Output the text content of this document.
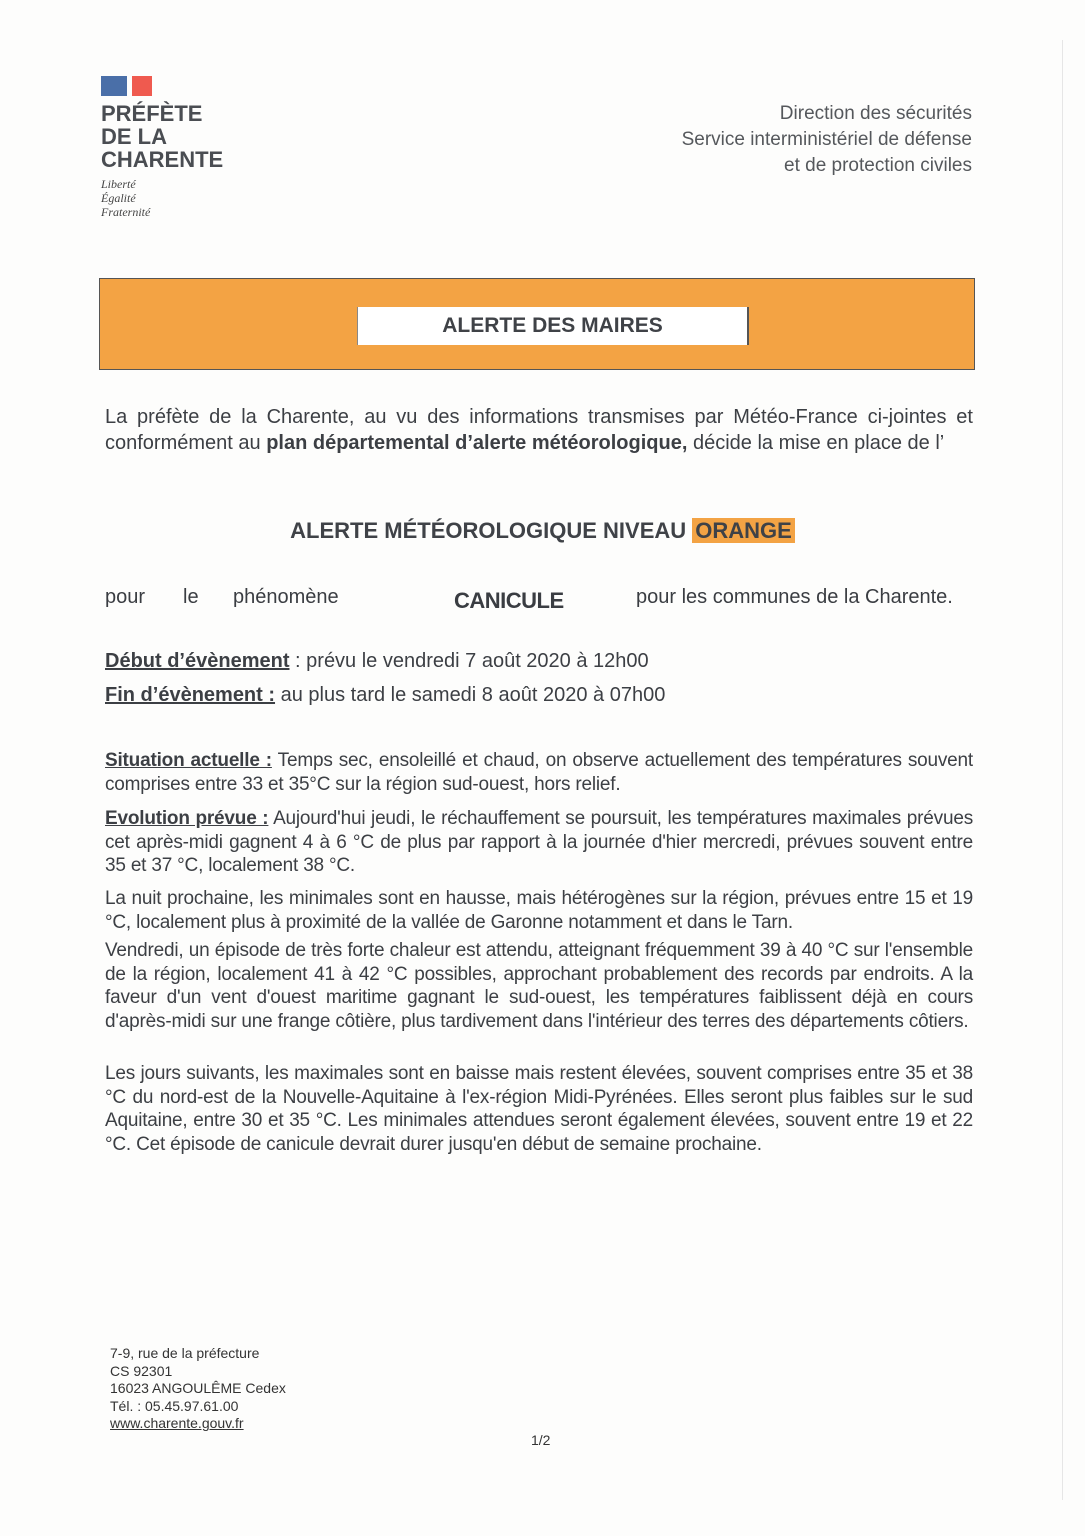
PRÉFÈTE
DE LA
CHARENTE
Liberté
Égalité
Fraternité
Direction des sécurités
Service interministériel de défense
et de protection civiles
ALERTE DES MAIRES
La préfète de la Charente, au vu des informations transmises par Météo-France ci-jointes et conformément au plan départemental d’alerte météorologique, décide la mise en place de l’
ALERTE MÉTÉOROLOGIQUE NIVEAU ORANGE
pour le phénomène	CANICULE	pour les communes de la Charente.
Début d’évènement : prévu le vendredi 7 août 2020 à 12h00
Fin d’évènement : au plus tard le samedi 8 août 2020 à 07h00
Situation actuelle : Temps sec, ensoleillé et chaud, on observe actuellement des températures souvent comprises entre 33 et 35°C sur la région sud-ouest, hors relief.
Evolution prévue : Aujourd'hui jeudi, le réchauffement se poursuit, les températures maximales prévues cet après-midi gagnent 4 à 6 °C de plus par rapport à la journée d'hier mercredi, prévues souvent entre 35 et 37 °C, localement 38 °C.
La nuit prochaine, les minimales sont en hausse, mais hétérogènes sur la région, prévues entre 15 et 19 °C, localement plus à proximité de la vallée de Garonne notamment et dans le Tarn.
Vendredi, un épisode de très forte chaleur est attendu, atteignant fréquemment 39 à 40 °C sur l'ensemble de la région, localement 41 à 42 °C possibles, approchant probablement des records par endroits. A la faveur d'un vent d'ouest maritime gagnant le sud-ouest, les températures faiblissent déjà en cours d'après-midi sur une frange côtière, plus tardivement dans l'intérieur des terres des départements côtiers.
Les jours suivants, les maximales sont en baisse mais restent élevées, souvent comprises entre 35 et 38 °C du nord-est de la Nouvelle-Aquitaine à l'ex-région Midi-Pyrénées. Elles seront plus faibles sur le sud Aquitaine, entre 30 et 35 °C. Les minimales attendues seront également élevées, souvent entre 19 et 22 °C. Cet épisode de canicule devrait durer jusqu'en début de semaine prochaine.
7-9, rue de la préfecture
CS 92301
16023 ANGOULÊME Cedex
Tél. : 05.45.97.61.00
www.charente.gouv.fr
1/2
